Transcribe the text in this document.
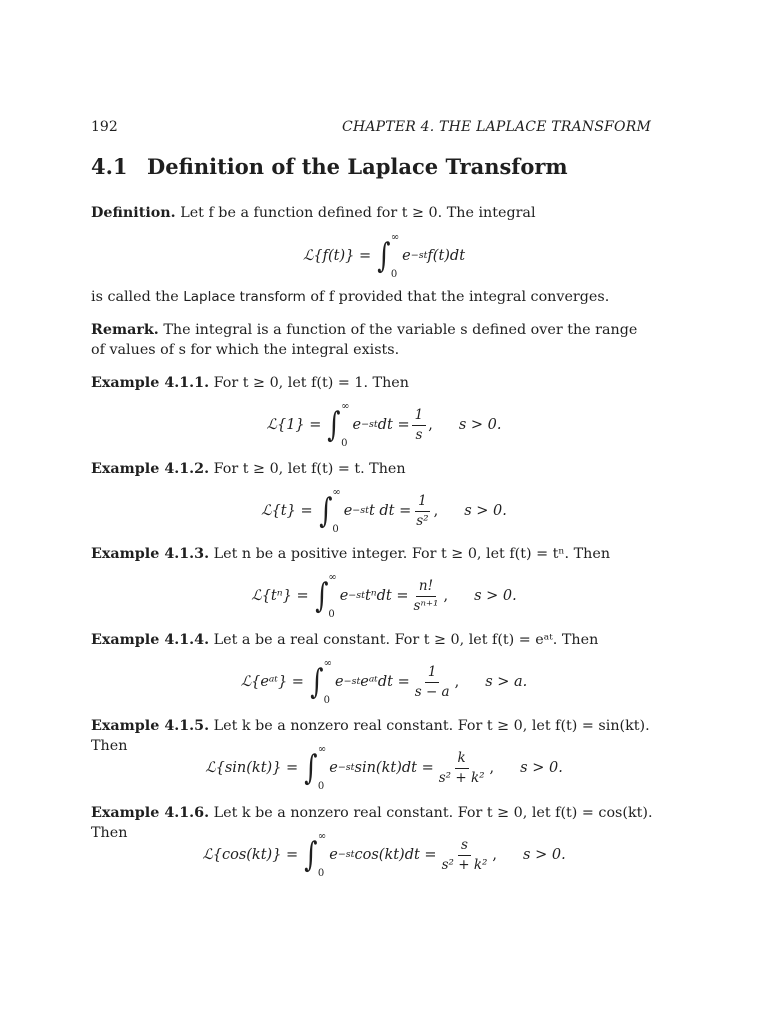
192	CHAPTER 4. THE LAPLACE TRANSFORM
4.1 Definition of the Laplace Transform
Definition. Let f be a function defined for t ≥ 0. The integral
ℒ{f(t)} = ∫ ∞
0
e −st f(t)dt
is called the Laplace transform of f provided that the integral converges.
Remark. The integral is a function of the variable s defined over the range of values of s for which the integral exists.
Example 4.1.1. For t ≥ 0, let f(t) = 1. Then
ℒ{1} = ∫ ∞
0
e −st dt = $\frac{1}{s}$ , s > 0.
Example 4.1.2. For t ≥ 0, let f(t) = t. Then
ℒ{t} = ∫ ∞
0
e −st t dt = $\frac{1}{\text{s²}}$ , s > 0.
Example 4.1.3. Let n be a positive integer. For t ≥ 0, let f(t) = tⁿ. Then
ℒ{tⁿ} = ∫ ∞
0
e −st $t^ndt = \frac{n!}{\text{sⁿ⁺¹}}$ , s > 0.
Example 4.1.4. Let a be a real constant. For t ≥ 0, let f(t) = eᵃᵗ. Then
ℒ{eᵃᵗ} = ∫ ∞
0
e −st eᵃᵗdt = $\frac{1}{s - a}$ , s > a.
Example 4.1.5. Let k be a nonzero real constant. For t ≥ 0, let f(t) = sin(kt). Then
ℒ{sin(kt)} = ∫ ∞
0
e −st $\sin(kt)dt = \frac{k}{\text{s² + k²}}$ , s > 0.
Example 4.1.6. Let k be a nonzero real constant. For t ≥ 0, let f(t) = cos(kt). Then
ℒ{cos(kt)} = ∫ ∞
0
e −st $\cos(kt)dt = \frac{s}{\text{s² + k²}}$ , s > 0.
